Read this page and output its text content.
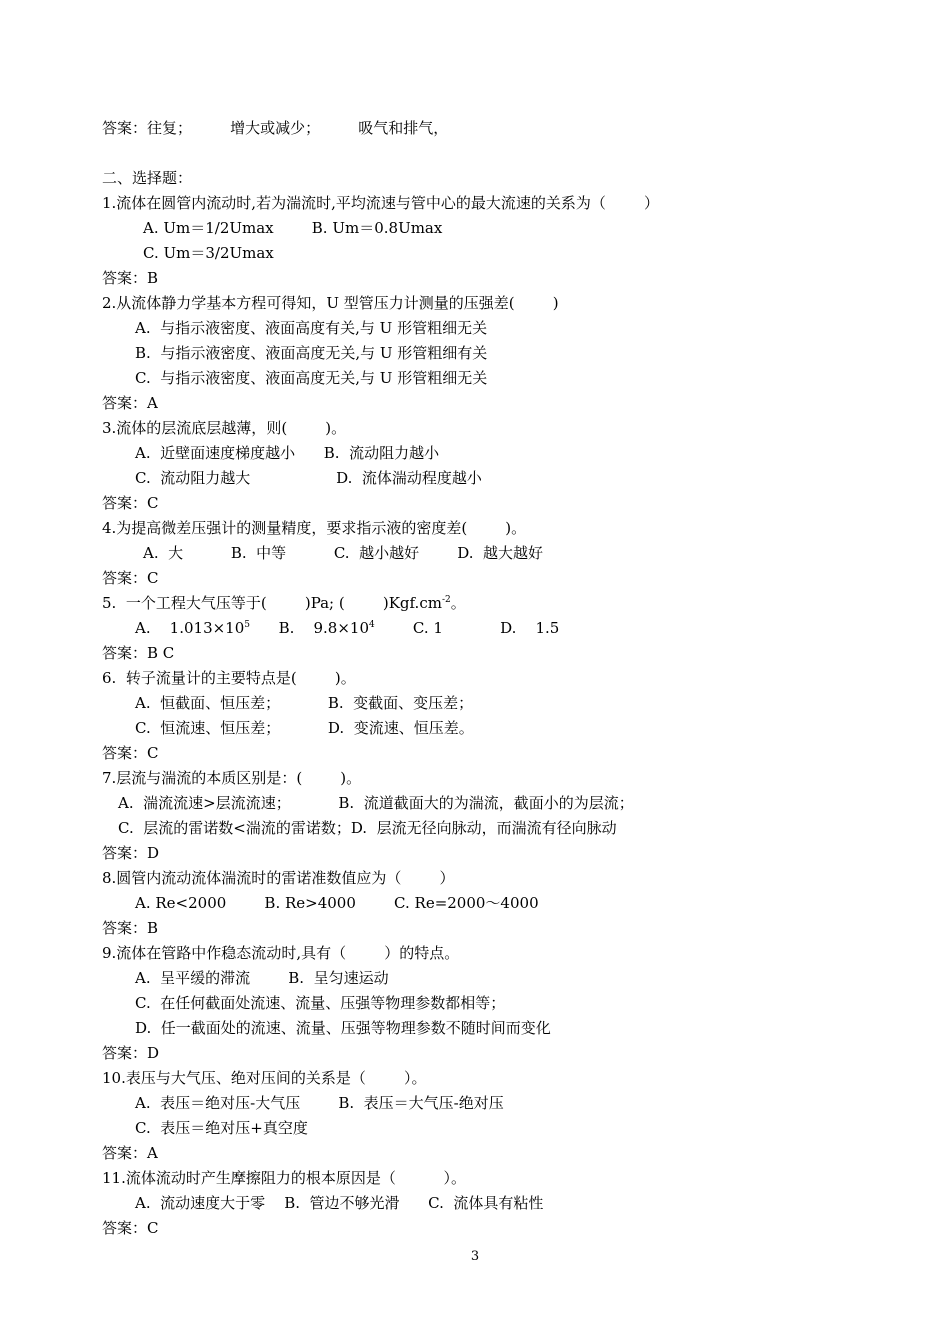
答案：往复；        增大或减少；        吸气和排气，
二、选择题：
1.流体在圆管内流动时,若为湍流时,平均流速与管中心的最大流速的关系为（        ）
A. Um＝1/2Umax        B. Um＝0.8Umax
C. Um＝3/2Umax
答案：B
2.从流体静力学基本方程可得知，U 型管压力计测量的压强差(        )
A.  与指示液密度、液面高度有关,与 U 形管粗细无关
B.  与指示液密度、液面高度无关,与 U 形管粗细有关
C.  与指示液密度、液面高度无关,与 U 形管粗细无关
答案：A
3.流体的层流底层越薄，则(        )。
A.  近壁面速度梯度越小      B.  流动阻力越小
C.  流动阻力越大                  D.  流体湍动程度越小
答案：C
4.为提高微差压强计的测量精度，要求指示液的密度差(        )。
A.  大          B.  中等          C.  越小越好        D.  越大越好
答案：C
5.  一个工程大气压等于(        )Pa; (        )$Kgf.cm^{-2}$。
A.    $1.013\times 10^5$      B.    $9.8\times 10^4$        C. 1            D.    1.5
答案：B C
6.  转子流量计的主要特点是(        )。
A.  恒截面、恒压差；          B.  变截面、变压差；
C.  恒流速、恒压差；          D.  变流速、恒压差。
答案：C
7.层流与湍流的本质区别是：(        )。
A.  湍流流速>层流流速；          B.  流道截面大的为湍流，截面小的为层流；
C.  层流的雷诺数<湍流的雷诺数；D.  层流无径向脉动，而湍流有径向脉动
答案：D
8.圆管内流动流体湍流时的雷诺准数值应为（        ）
A. Re<2000        B. Re>4000        C. Re=2000～4000
答案：B
9.流体在管路中作稳态流动时,具有（        ）的特点。
A.  呈平缓的滞流        B.  呈匀速运动
C.  在任何截面处流速、流量、压强等物理参数都相等；
D.  任一截面处的流速、流量、压强等物理参数不随时间而变化
答案：D
10.表压与大气压、绝对压间的关系是（        ）。
A.  表压＝绝对压-大气压        B.  表压＝大气压-绝对压
C.  表压＝绝对压+真空度
答案：A
11.流体流动时产生摩擦阻力的根本原因是（          ）。
A.  流动速度大于零    B.  管边不够光滑      C.  流体具有粘性
答案：C
3
